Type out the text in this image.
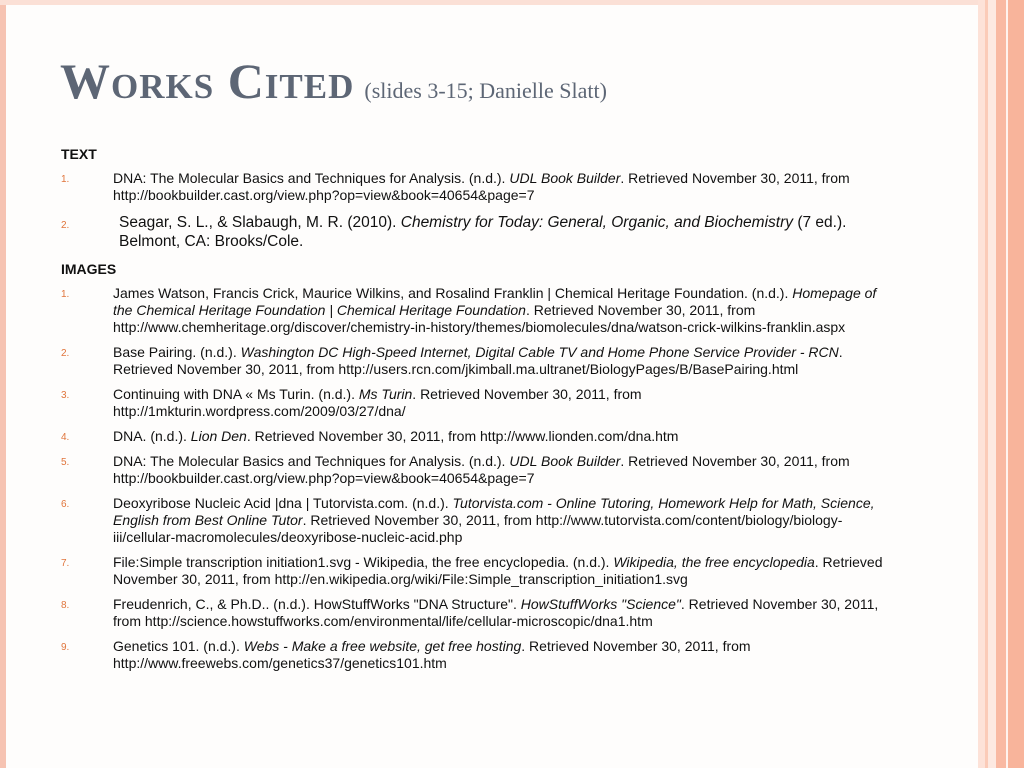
Works Cited (slides 3-15; Danielle Slatt)
TEXT
1.	DNA: The Molecular Basics and Techniques for Analysis. (n.d.). UDL Book Builder. Retrieved November 30, 2011, from http://bookbuilder.cast.org/view.php?op=view&book=40654&page=7
2.	Seagar, S. L., & Slabaugh, M. R. (2010). Chemistry for Today: General, Organic, and Biochemistry (7 ed.). Belmont, CA: Brooks/Cole.
IMAGES
1.	James Watson, Francis Crick, Maurice Wilkins, and Rosalind Franklin | Chemical Heritage Foundation. (n.d.). Homepage of the Chemical Heritage Foundation | Chemical Heritage Foundation. Retrieved November 30, 2011, from http://www.chemheritage.org/discover/chemistry-in-history/themes/biomolecules/dna/watson-crick-wilkins-franklin.aspx
2.	Base Pairing. (n.d.). Washington DC High-Speed Internet, Digital Cable TV and Home Phone Service Provider - RCN. Retrieved November 30, 2011, from http://users.rcn.com/jkimball.ma.ultranet/BiologyPages/B/BasePairing.html
3.	Continuing with DNA « Ms Turin. (n.d.). Ms Turin. Retrieved November 30, 2011, from http://1mkturin.wordpress.com/2009/03/27/dna/
4.	DNA. (n.d.). Lion Den. Retrieved November 30, 2011, from http://www.lionden.com/dna.htm
5.	DNA: The Molecular Basics and Techniques for Analysis. (n.d.). UDL Book Builder. Retrieved November 30, 2011, from http://bookbuilder.cast.org/view.php?op=view&book=40654&page=7
6.	Deoxyribose Nucleic Acid |dna | Tutorvista.com. (n.d.). Tutorvista.com - Online Tutoring, Homework Help for Math, Science, English from Best Online Tutor. Retrieved November 30, 2011, from http://www.tutorvista.com/content/biology/biology-iii/cellular-macromolecules/deoxyribose-nucleic-acid.php
7.	File:Simple transcription initiation1.svg - Wikipedia, the free encyclopedia. (n.d.). Wikipedia, the free encyclopedia. Retrieved November 30, 2011, from http://en.wikipedia.org/wiki/File:Simple_transcription_initiation1.svg
8.	Freudenrich, C., & Ph.D.. (n.d.). HowStuffWorks "DNA Structure". HowStuffWorks "Science". Retrieved November 30, 2011, from http://science.howstuffworks.com/environmental/life/cellular-microscopic/dna1.htm
9.	Genetics 101. (n.d.). Webs - Make a free website, get free hosting. Retrieved November 30, 2011, from http://www.freewebs.com/genetics37/genetics101.htm
